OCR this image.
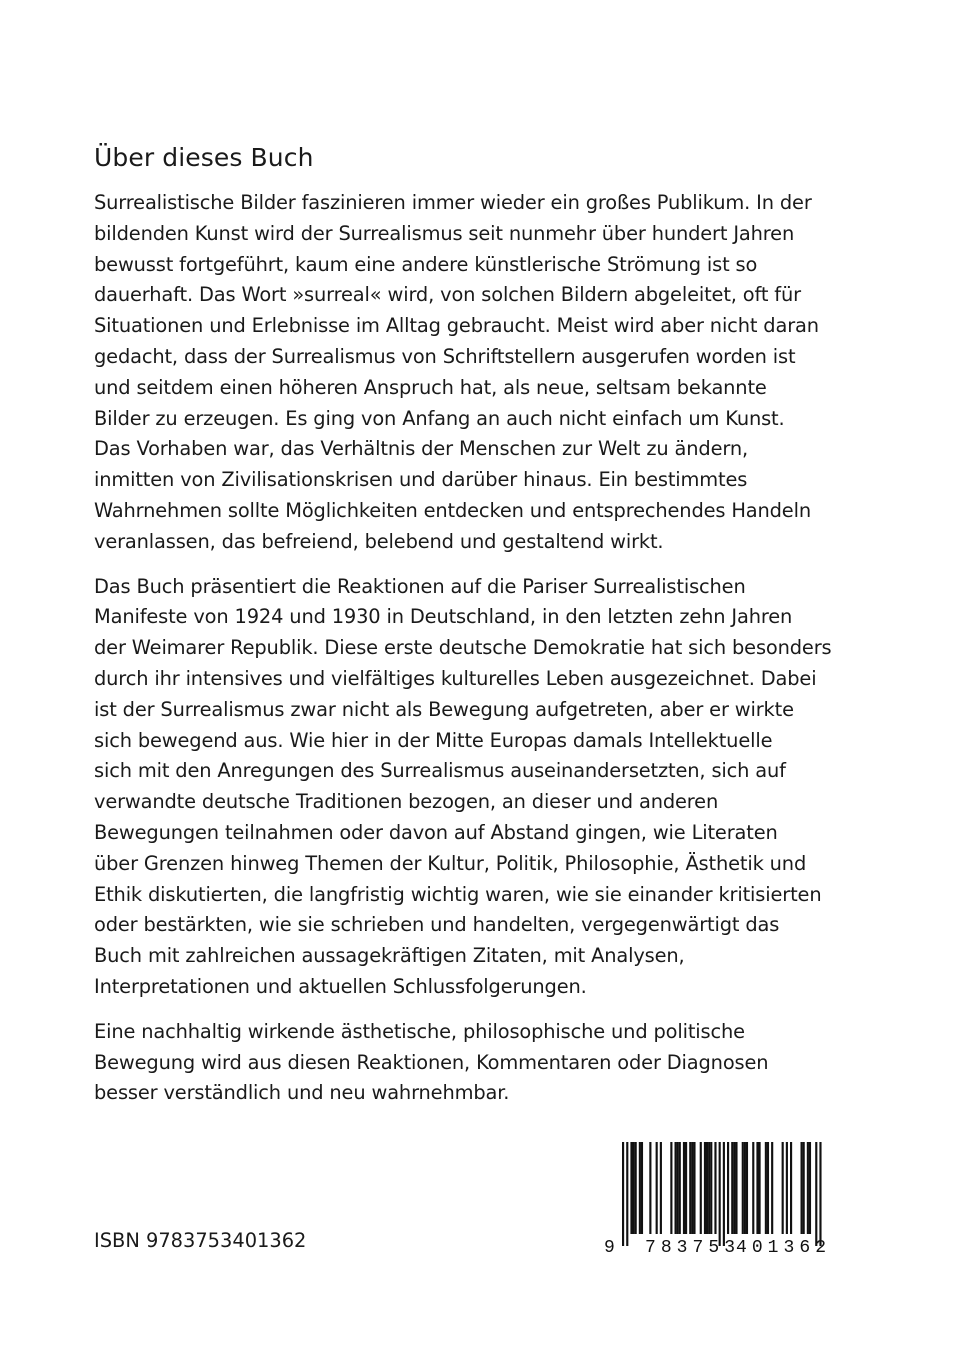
Über dieses Buch

Surrealistische Bilder faszinieren immer wieder ein großes Publikum. In der
bildenden Kunst wird der Surrealismus seit nunmehr über hundert Jahren
bewusst fortgeführt, kaum eine andere künstlerische Strömung ist so
dauerhaft. Das Wort »surreal« wird, von solchen Bildern abgeleitet, oft für
Situationen und Erlebnisse im Alltag gebraucht. Meist wird aber nicht daran
gedacht, dass der Surrealismus von Schriftstellern ausgerufen worden ist
und seitdem einen höheren Anspruch hat, als neue, seltsam bekannte
Bilder zu erzeugen. Es ging von Anfang an auch nicht einfach um Kunst.
Das Vorhaben war, das Verhältnis der Menschen zur Welt zu ändern,
inmitten von Zivilisationskrisen und darüber hinaus. Ein bestimmtes
Wahrnehmen sollte Möglichkeiten entdecken und entsprechendes Handeln
veranlassen, das befreiend, belebend und gestaltend wirkt.

Das Buch präsentiert die Reaktionen auf die Pariser Surrealistischen
Manifeste von 1924 und 1930 in Deutschland, in den letzten zehn Jahren
der Weimarer Republik. Diese erste deutsche Demokratie hat sich besonders
durch ihr intensives und vielfältiges kulturelles Leben ausgezeichnet. Dabei
ist der Surrealismus zwar nicht als Bewegung aufgetreten, aber er wirkte
sich bewegend aus. Wie hier in der Mitte Europas damals Intellektuelle
sich mit den Anregungen des Surrealismus auseinandersetzten, sich auf
verwandte deutsche Traditionen bezogen, an dieser und anderen
Bewegungen teilnahmen oder davon auf Abstand gingen, wie Literaten
über Grenzen hinweg Themen der Kultur, Politik, Philosophie, Ästhetik und
Ethik diskutierten, die langfristig wichtig waren, wie sie einander kritisierten
oder bestärkten, wie sie schrieben und handelten, vergegenwärtigt das
Buch mit zahlreichen aussagekräftigen Zitaten, mit Analysen,
Interpretationen und aktuellen Schlussfolgerungen.

Eine nachhaltig wirkende ästhetische, philosophische und politische
Bewegung wird aus diesen Reaktionen, Kommentaren oder Diagnosen
besser verständlich und neu wahrnehmbar.

ISBN 9783753401362	9 783753 401362
